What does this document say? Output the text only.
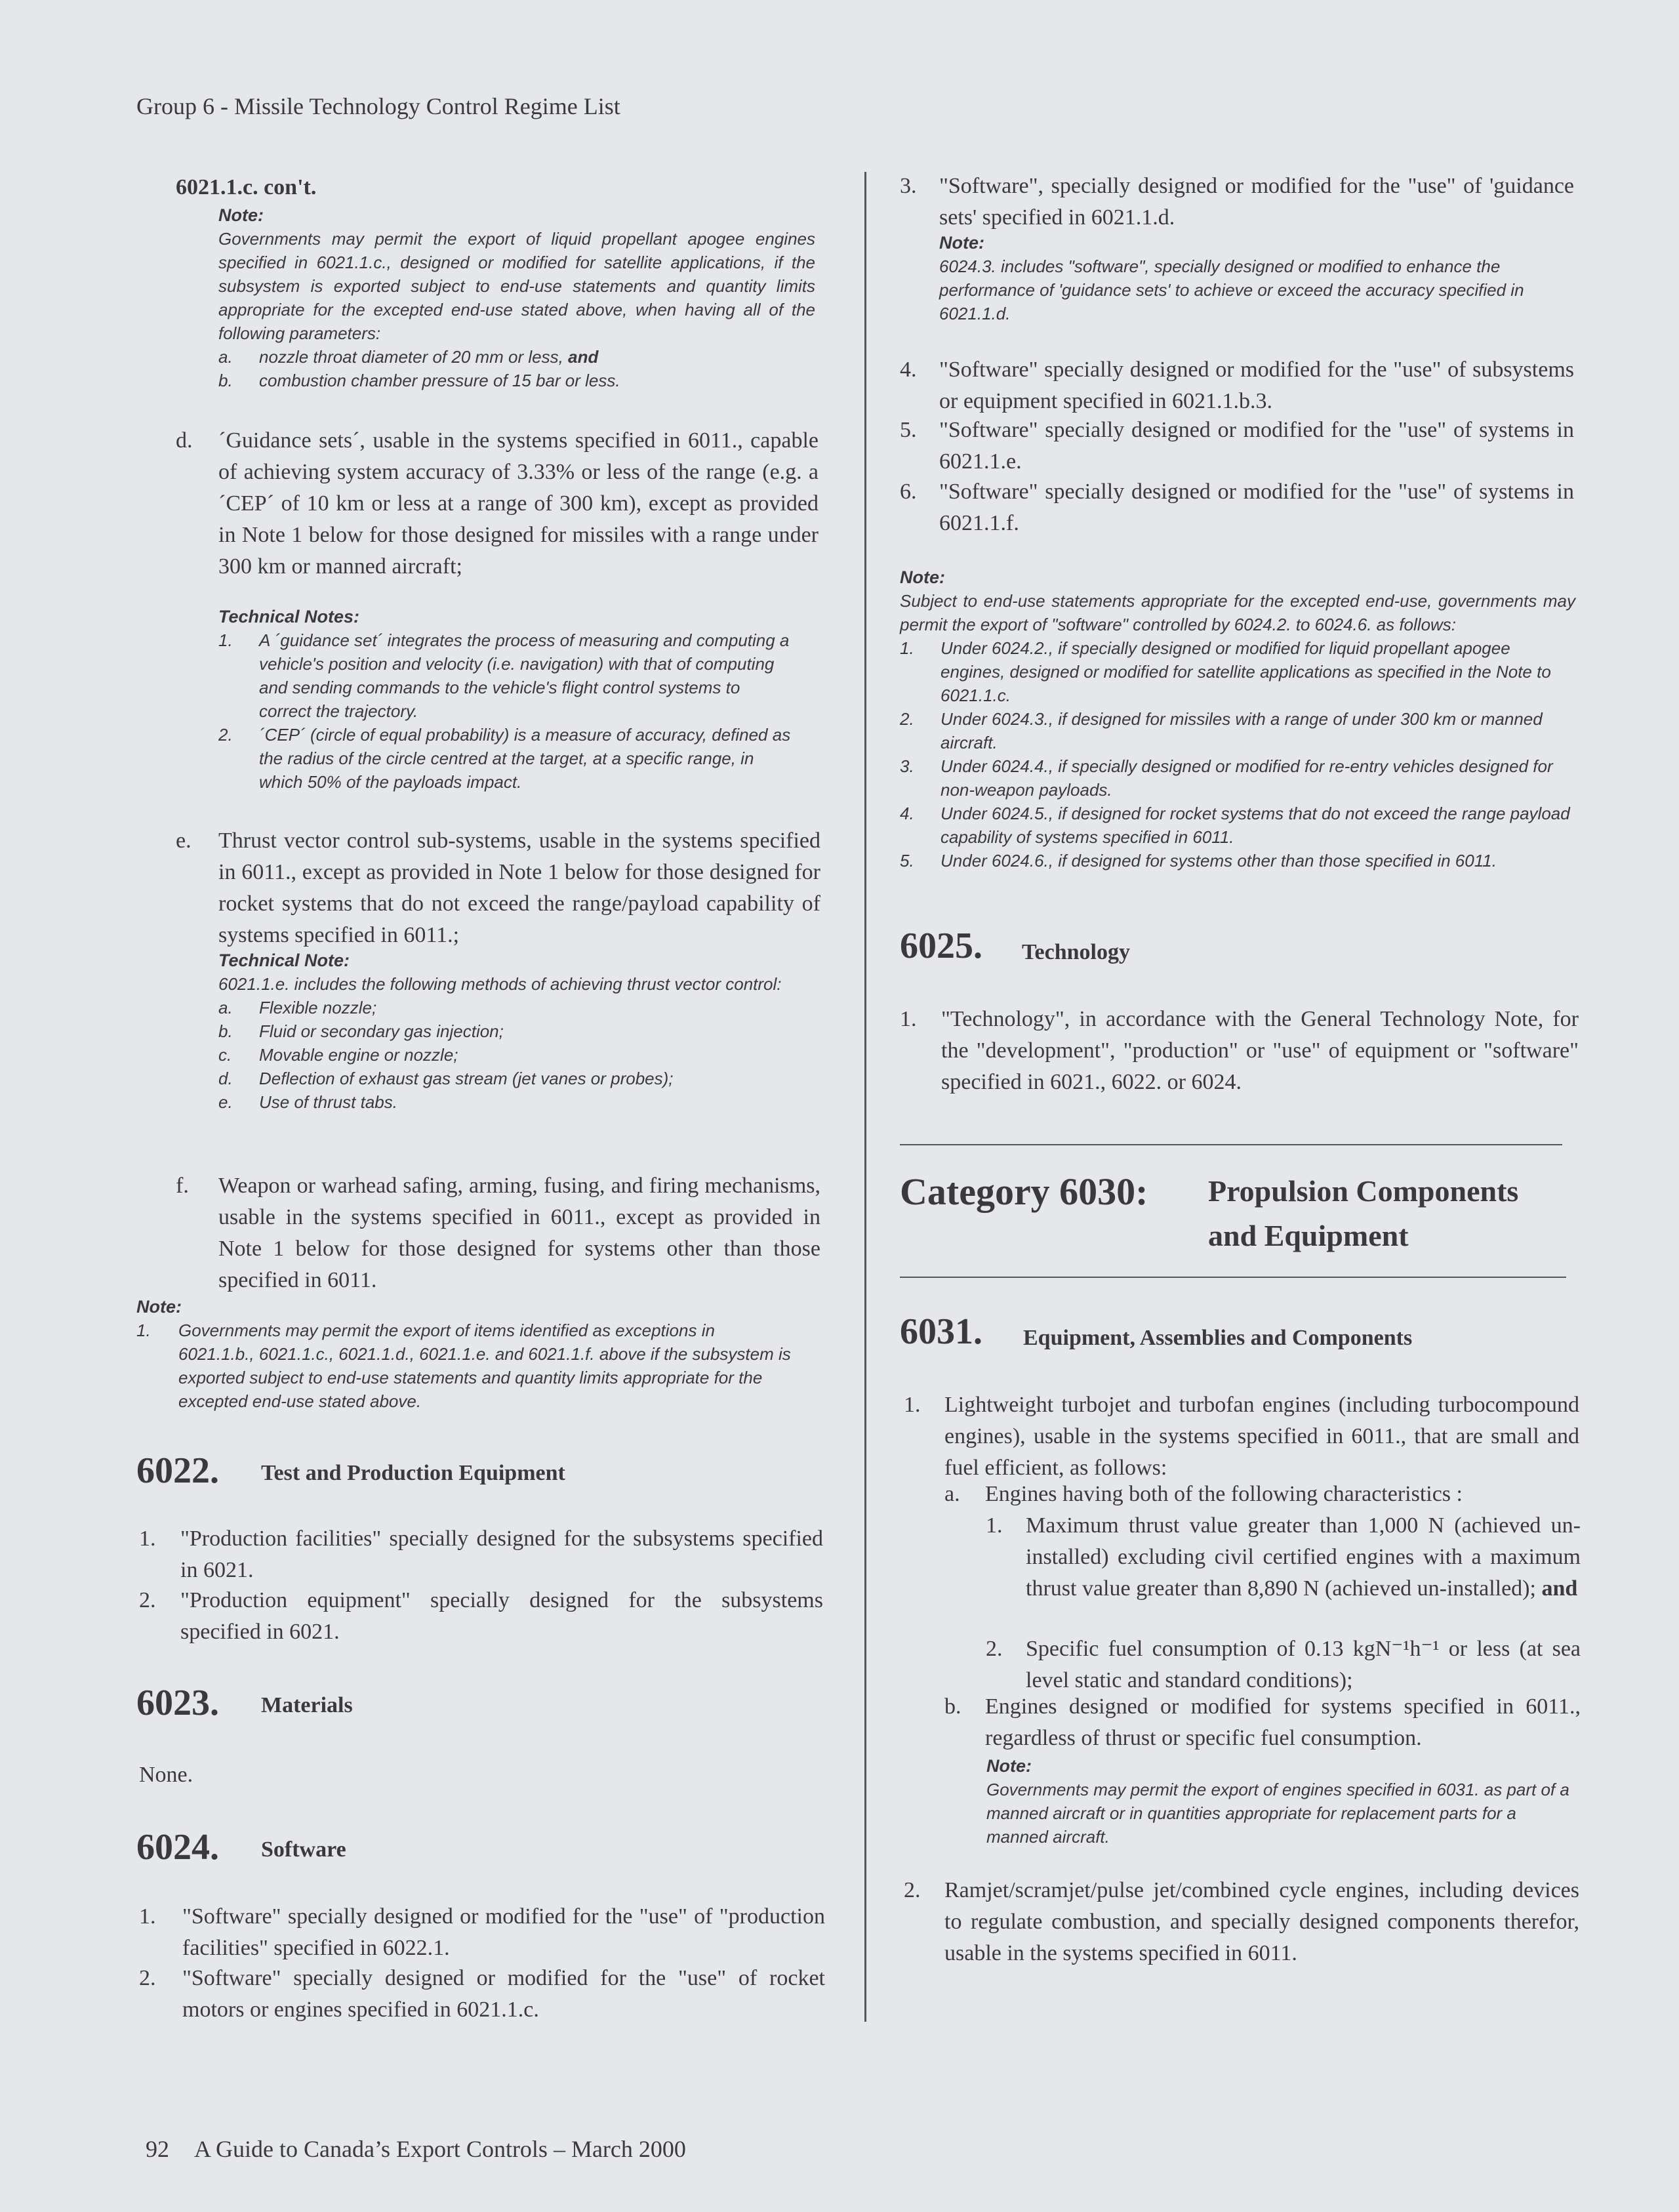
Group 6 - Missile Technology Control Regime List
6021.1.c. con't.
Note:
Governments may permit the export of liquid propellant apogee engines specified in 6021.1.c., designed or modified for satellite applications, if the subsystem is exported subject to end-use statements and quantity limits appropriate for the excepted end-use stated above, when having all of the following parameters:
a.	nozzle throat diameter of 20 mm or less, and
b.	combustion chamber pressure of 15 bar or less.
d. ´Guidance sets´, usable in the systems specified in 6011., capable of achieving system accuracy of 3.33% or less of the range (e.g. a ´CEP´ of 10 km or less at a range of 300 km), except as provided in Note 1 below for those designed for missiles with a range under 300 km or manned aircraft;
Technical Notes:
1.	A ´guidance set´ integrates the process of measuring and computing a vehicle's position and velocity (i.e. navigation) with that of computing and sending commands to the vehicle's flight control systems to correct the trajectory.
2.	´CEP´ (circle of equal probability) is a measure of accuracy, defined as the radius of the circle centred at the target, at a specific range, in which 50% of the payloads impact.
e. Thrust vector control sub-systems, usable in the systems specified in 6011., except as provided in Note 1 below for those designed for rocket systems that do not exceed the range/payload capability of systems specified in 6011.;
Technical Note:
6021.1.e. includes the following methods of achieving thrust vector control:
a.	Flexible nozzle;
b.	Fluid or secondary gas injection;
c.	Movable engine or nozzle;
d.	Deflection of exhaust gas stream (jet vanes or probes);
e.	Use of thrust tabs.
f. Weapon or warhead safing, arming, fusing, and firing mechanisms, usable in the systems specified in 6011., except as provided in Note 1 below for those designed for systems other than those specified in 6011.
Note:
1.	Governments may permit the export of items identified as exceptions in 6021.1.b., 6021.1.c., 6021.1.d., 6021.1.e. and 6021.1.f. above if the subsystem is exported subject to end-use statements and quantity limits appropriate for the excepted end-use stated above.
6022. Test and Production Equipment
1. "Production facilities" specially designed for the subsystems specified in 6021.
2. "Production equipment" specially designed for the subsystems specified in 6021.
6023. Materials
None.
6024. Software
1. "Software" specially designed or modified for the "use" of "production facilities" specified in 6022.1.
2. "Software" specially designed or modified for the "use" of rocket motors or engines specified in 6021.1.c.
3. "Software", specially designed or modified for the "use" of 'guidance sets' specified in 6021.1.d.
Note:
6024.3. includes "software", specially designed or modified to enhance the performance of 'guidance sets' to achieve or exceed the accuracy specified in 6021.1.d.
4. "Software" specially designed or modified for the "use" of subsystems or equipment specified in 6021.1.b.3.
5. "Software" specially designed or modified for the "use" of systems in 6021.1.e.
6. "Software" specially designed or modified for the "use" of systems in 6021.1.f.
Note:
Subject to end-use statements appropriate for the excepted end-use, governments may permit the export of "software" controlled by 6024.2. to 6024.6. as follows:
1.	Under 6024.2., if specially designed or modified for liquid propellant apogee engines, designed or modified for satellite applications as specified in the Note to 6021.1.c.
2.	Under 6024.3., if designed for missiles with a range of under 300 km or manned aircraft.
3.	Under 6024.4., if specially designed or modified for re-entry vehicles designed for non-weapon payloads.
4.	Under 6024.5., if designed for rocket systems that do not exceed the range payload capability of systems specified in 6011.
5.	Under 6024.6., if designed for systems other than those specified in 6011.
6025. Technology
1. "Technology", in accordance with the General Technology Note, for the "development", "production" or "use" of equipment or "software" specified in 6021., 6022. or 6024.
Category 6030: Propulsion Components
and Equipment
6031. Equipment, Assemblies and Components
1. Lightweight turbojet and turbofan engines (including turbocompound engines), usable in the systems specified in 6011., that are small and fuel efficient, as follows:
a. Engines having both of the following characteristics :
1. Maximum thrust value greater than 1,000 N (achieved un-installed) excluding civil certified engines with a maximum thrust value greater than 8,890 N (achieved un-installed); and
2. Specific fuel consumption of 0.13 kgN⁻¹h⁻¹ or less (at sea level static and standard conditions);
b. Engines designed or modified for systems specified in 6011., regardless of thrust or specific fuel consumption.
Note:
Governments may permit the export of engines specified in 6031. as part of a manned aircraft or in quantities appropriate for replacement parts for a manned aircraft.
2. Ramjet/scramjet/pulse jet/combined cycle engines, including devices to regulate combustion, and specially designed components therefor, usable in the systems specified in 6011.
92 A Guide to Canada’s Export Controls – March 2000
